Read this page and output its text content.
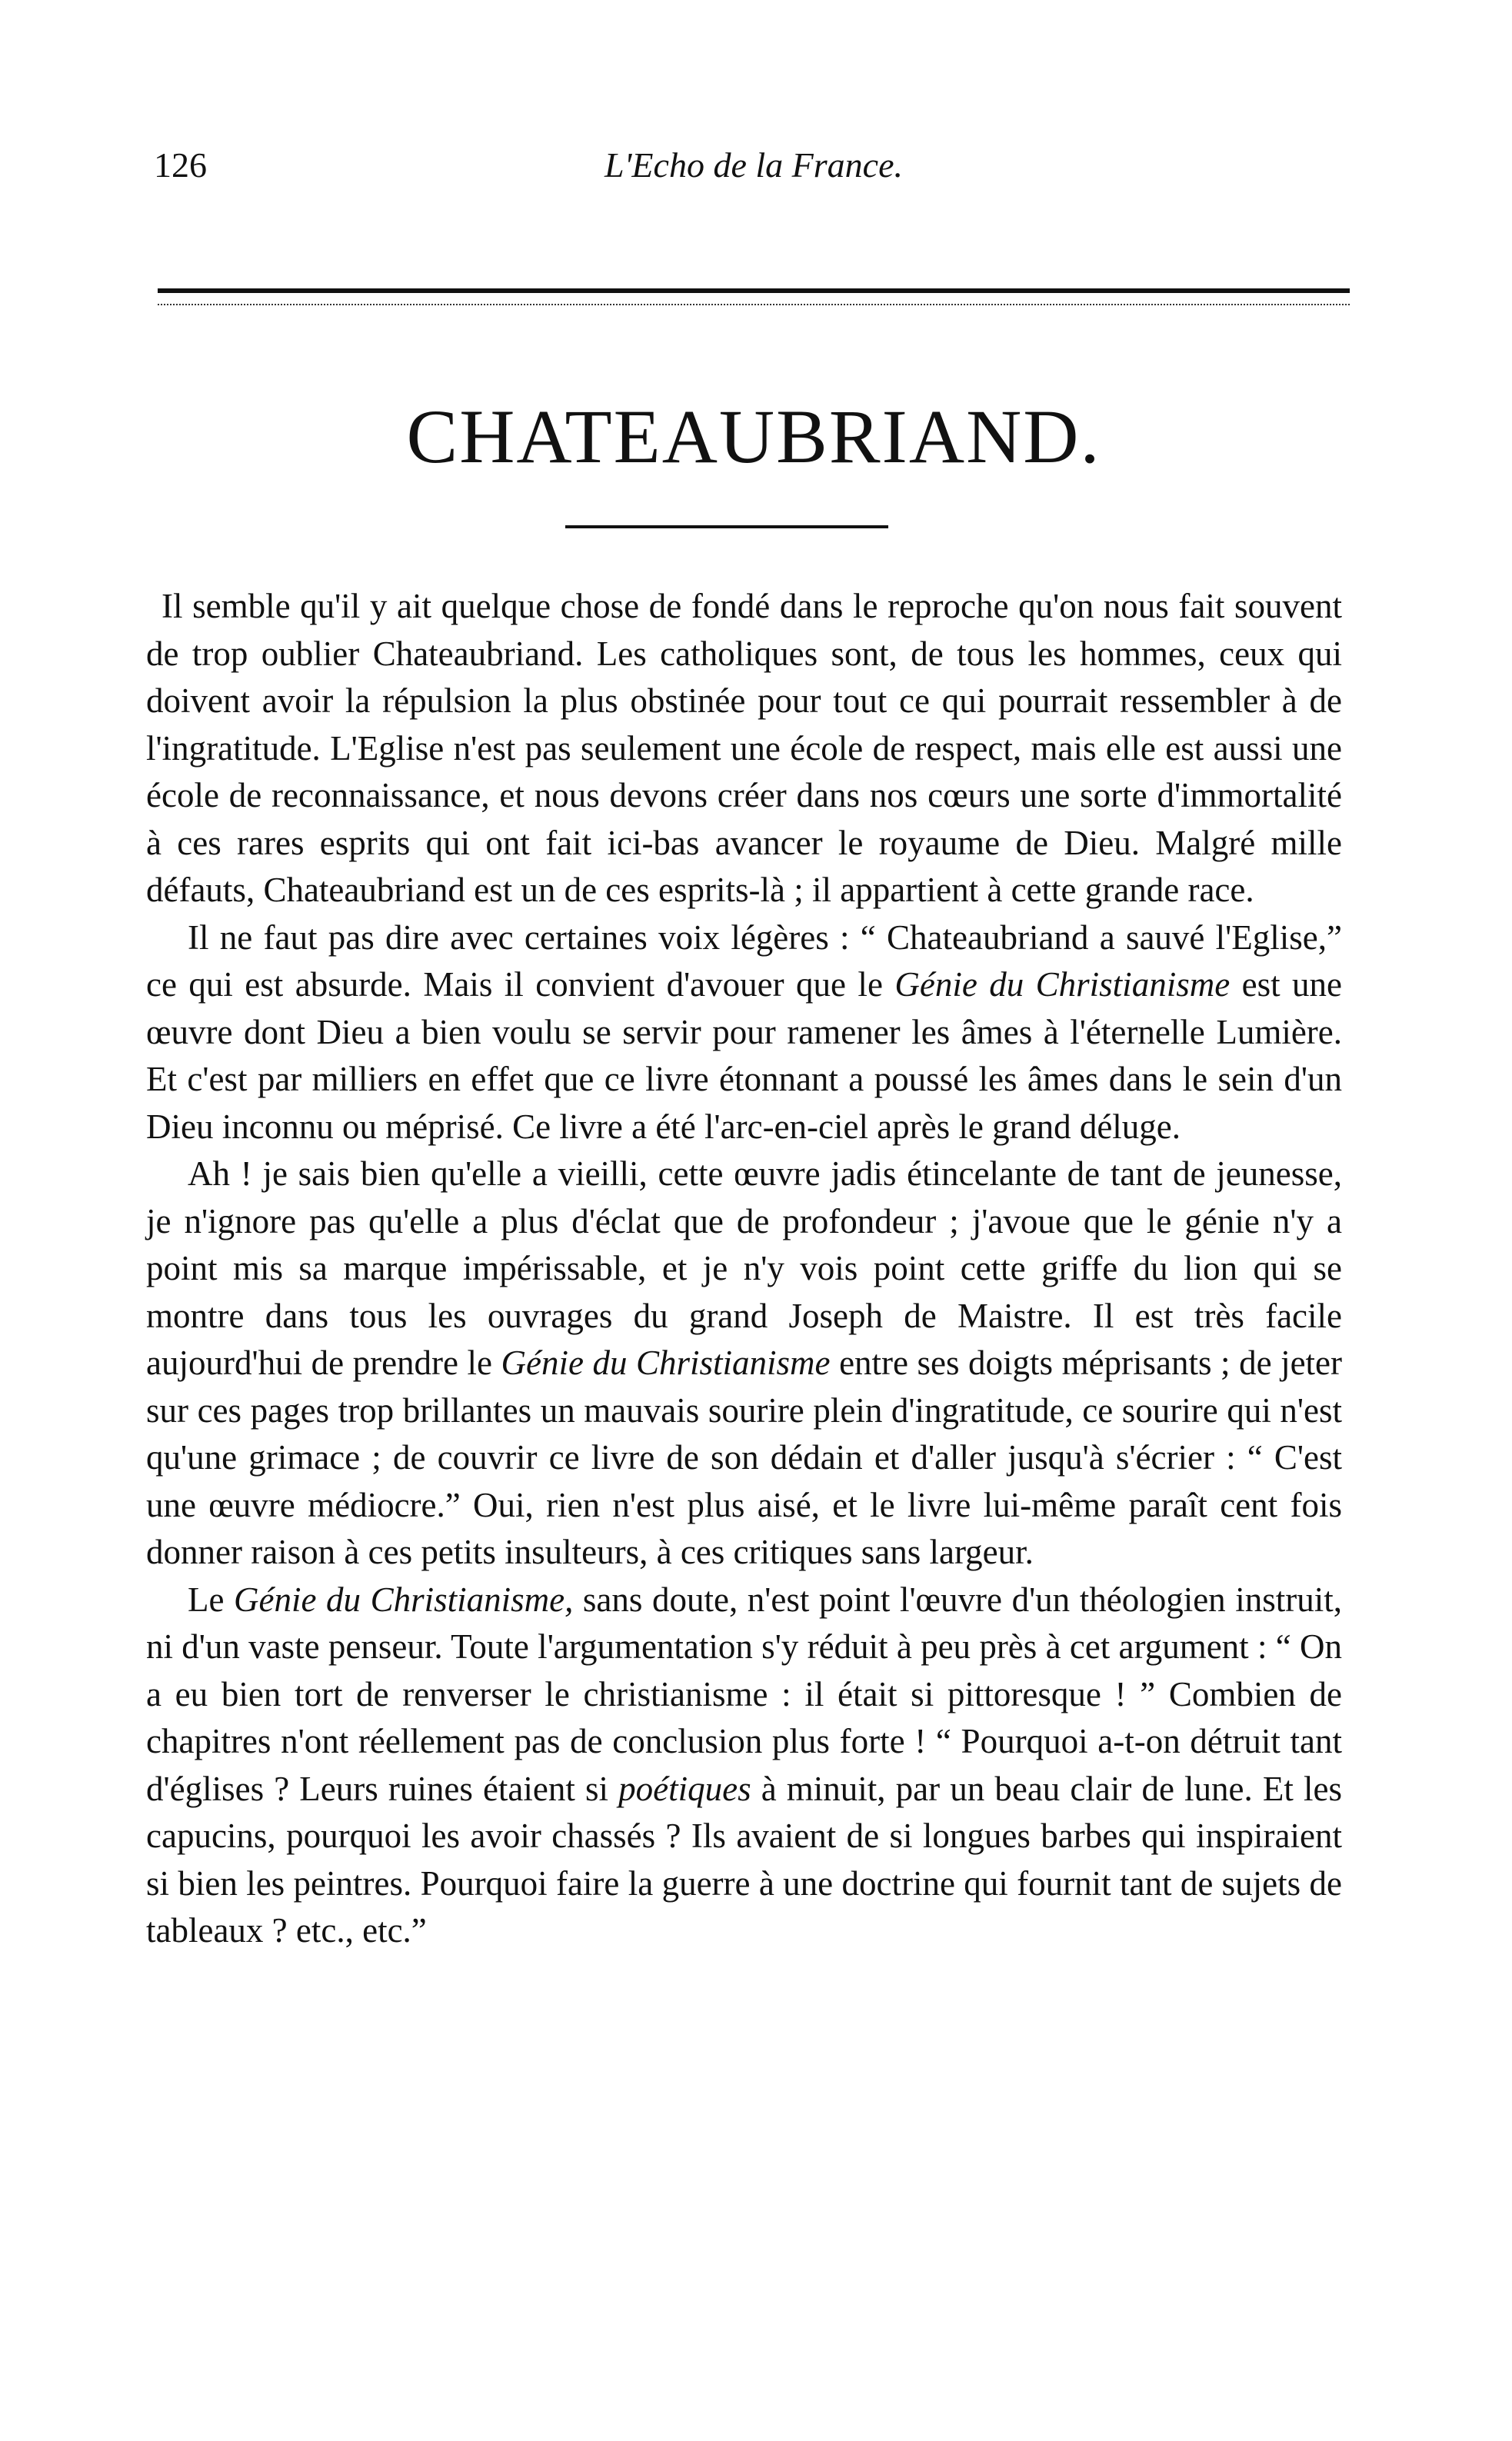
126	L'Echo de la France.
CHATEAUBRIAND.

Il semble qu'il y ait quelque chose de fondé dans le reproche qu'on nous fait souvent de trop oublier Chateaubriand. Les catholiques sont, de tous les hommes, ceux qui doivent avoir la répulsion la plus obstinée pour tout ce qui pourrait ressembler à de l'ingratitude. L'Eglise n'est pas seulement une école de respect, mais elle est aussi une école de reconnaissance, et nous devons créer dans nos cœurs une sorte d'immortalité à ces rares esprits qui ont fait ici-bas avancer le royaume de Dieu. Malgré mille défauts, Chateaubriand est un de ces esprits-là ; il appartient à cette grande race.

Il ne faut pas dire avec certaines voix légères : “ Chateaubriand a sauvé l'Eglise,” ce qui est absurde. Mais il convient d'avouer que le Génie du Christianisme est une œuvre dont Dieu a bien voulu se servir pour ramener les âmes à l'éternelle Lumière. Et c'est par milliers en effet que ce livre étonnant a poussé les âmes dans le sein d'un Dieu inconnu ou méprisé. Ce livre a été l'arc-en-ciel après le grand déluge.

Ah ! je sais bien qu'elle a vieilli, cette œuvre jadis étincelante de tant de jeunesse, je n'ignore pas qu'elle a plus d'éclat que de profondeur ; j'avoue que le génie n'y a point mis sa marque impérissable, et je n'y vois point cette griffe du lion qui se montre dans tous les ouvrages du grand Joseph de Maistre. Il est très facile aujourd'hui de prendre le Génie du Christianisme entre ses doigts méprisants ; de jeter sur ces pages trop brillantes un mauvais sourire plein d'ingratitude, ce sourire qui n'est qu'une grimace ; de couvrir ce livre de son dédain et d'aller jusqu'à s'écrier : “ C'est une œuvre médiocre.” Oui, rien n'est plus aisé, et le livre lui-même paraît cent fois donner raison à ces petits insulteurs, à ces critiques sans largeur.

Le Génie du Christianisme, sans doute, n'est point l'œuvre d'un théologien instruit, ni d'un vaste penseur. Toute l'argumentation s'y réduit à peu près à cet argument : “ On a eu bien tort de renverser le christianisme : il était si pittoresque ! ” Combien de chapitres n'ont réellement pas de conclusion plus forte ! “ Pourquoi a-t-on détruit tant d'églises ? Leurs ruines étaient si poétiques à minuit, par un beau clair de lune. Et les capucins, pourquoi les avoir chassés ? Ils avaient de si longues barbes qui inspiraient si bien les peintres. Pourquoi faire la guerre à une doctrine qui fournit tant de sujets de tableaux ? etc., etc.”
